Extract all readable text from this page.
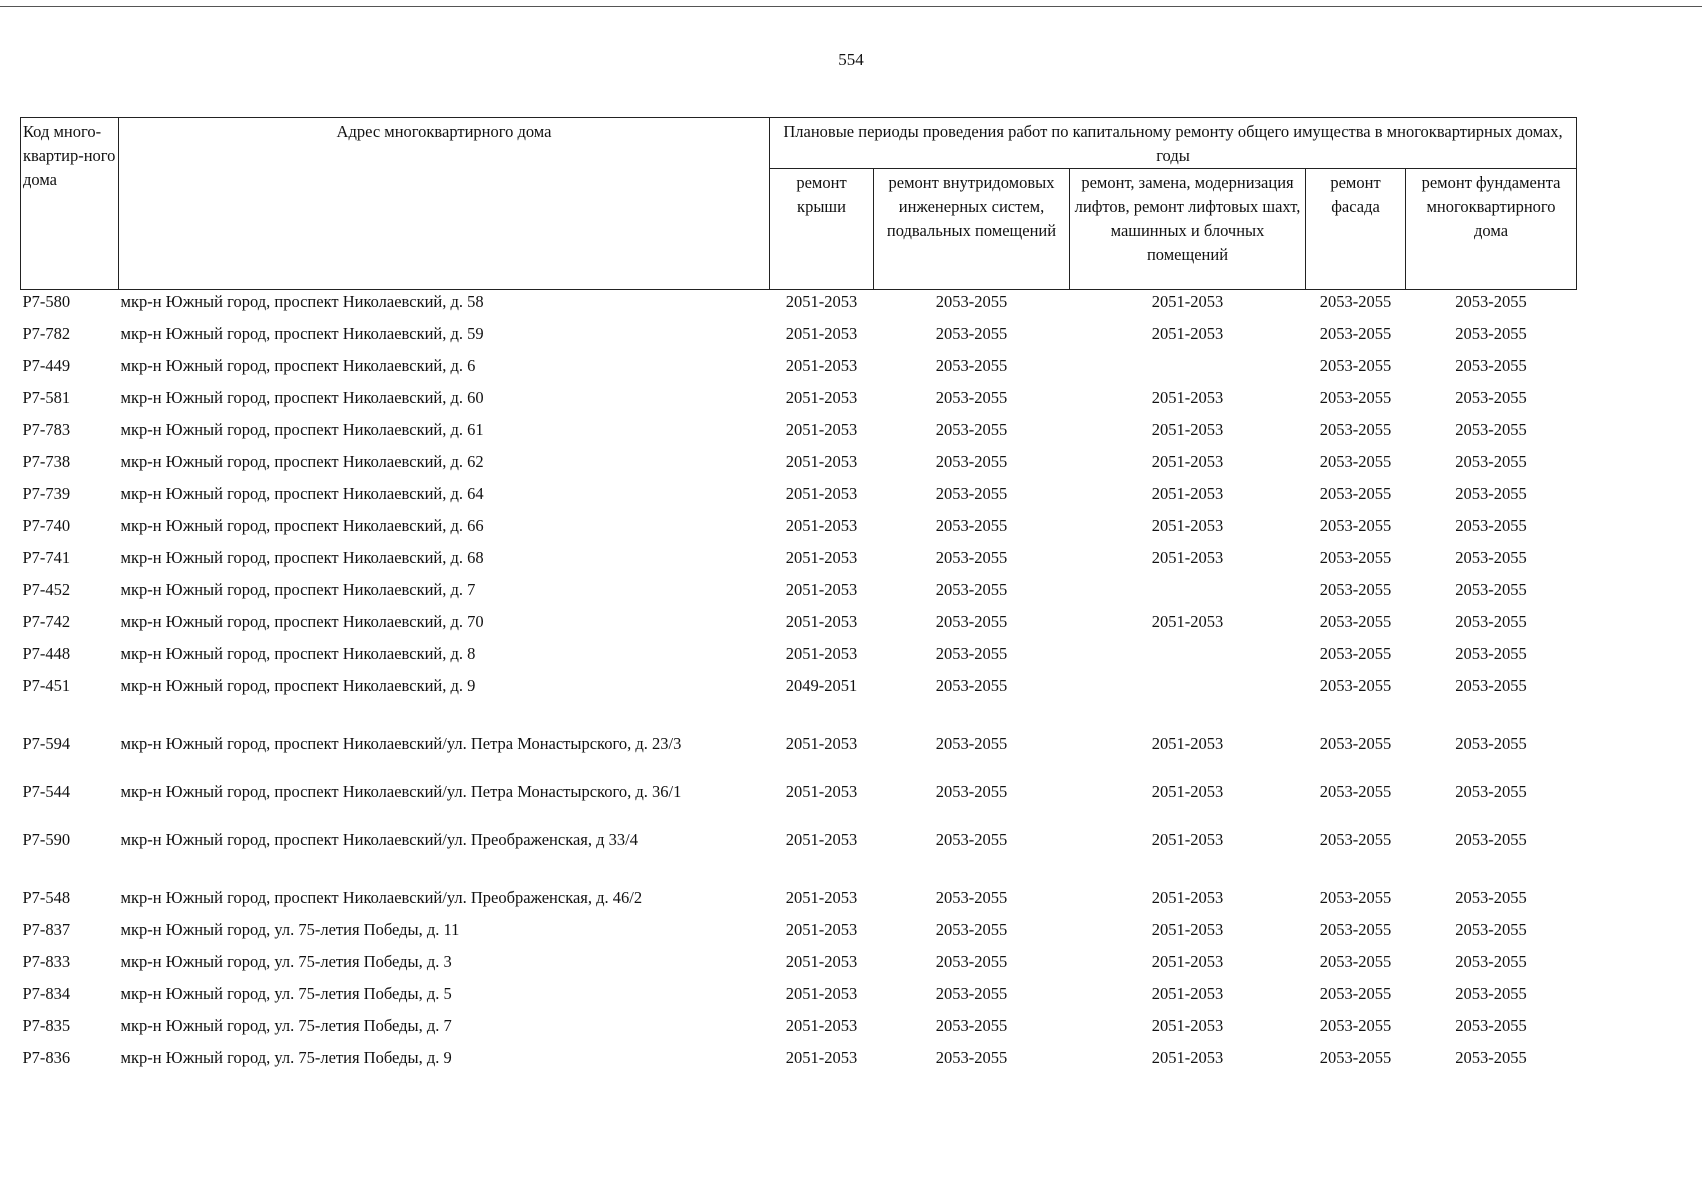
554
Код много-квартир-ного дома	Адрес многоквартирного дома	Плановые периоды проведения работ по капитальному ремонту общего имущества в многоквартирных домах, годы				
		ремонт крыши	ремонт внутридомовых инженерных систем, подвальных помещений	ремонт, замена, модернизация лифтов, ремонт лифтовых шахт, машинных и блочных помещений	ремонт фасада	ремонт фундамента многоквартирного дома
P7-580	мкр-н Южный город, проспект Николаевский, д. 58	2051-2053	2053-2055	2051-2053	2053-2055	2053-2055
P7-782	мкр-н Южный город, проспект Николаевский, д. 59	2051-2053	2053-2055	2051-2053	2053-2055	2053-2055
P7-449	мкр-н Южный город, проспект Николаевский, д. 6	2051-2053	2053-2055		2053-2055	2053-2055
P7-581	мкр-н Южный город, проспект Николаевский, д. 60	2051-2053	2053-2055	2051-2053	2053-2055	2053-2055
P7-783	мкр-н Южный город, проспект Николаевский, д. 61	2051-2053	2053-2055	2051-2053	2053-2055	2053-2055
P7-738	мкр-н Южный город, проспект Николаевский, д. 62	2051-2053	2053-2055	2051-2053	2053-2055	2053-2055
P7-739	мкр-н Южный город, проспект Николаевский, д. 64	2051-2053	2053-2055	2051-2053	2053-2055	2053-2055
P7-740	мкр-н Южный город, проспект Николаевский, д. 66	2051-2053	2053-2055	2051-2053	2053-2055	2053-2055
P7-741	мкр-н Южный город, проспект Николаевский, д. 68	2051-2053	2053-2055	2051-2053	2053-2055	2053-2055
P7-452	мкр-н Южный город, проспект Николаевский, д. 7	2051-2053	2053-2055		2053-2055	2053-2055
P7-742	мкр-н Южный город, проспект Николаевский, д. 70	2051-2053	2053-2055	2051-2053	2053-2055	2053-2055
P7-448	мкр-н Южный город, проспект Николаевский, д. 8	2051-2053	2053-2055		2053-2055	2053-2055
P7-451	мкр-н Южный город, проспект Николаевский, д. 9	2049-2051	2053-2055		2053-2055	2053-2055
P7-594	мкр-н Южный город, проспект Николаевский/ул. Петра Монастырского, д. 23/3	2051-2053	2053-2055	2051-2053	2053-2055	2053-2055
P7-544	мкр-н Южный город, проспект Николаевский/ул. Петра Монастырского, д. 36/1	2051-2053	2053-2055	2051-2053	2053-2055	2053-2055
P7-590	мкр-н Южный город, проспект Николаевский/ул. Преображенская, д 33/4	2051-2053	2053-2055	2051-2053	2053-2055	2053-2055
P7-548	мкр-н Южный город, проспект Николаевский/ул. Преображенская, д. 46/2	2051-2053	2053-2055	2051-2053	2053-2055	2053-2055
P7-837	мкр-н Южный город, ул. 75-летия Победы, д. 11	2051-2053	2053-2055	2051-2053	2053-2055	2053-2055
P7-833	мкр-н Южный город, ул. 75-летия Победы, д. 3	2051-2053	2053-2055	2051-2053	2053-2055	2053-2055
P7-834	мкр-н Южный город, ул. 75-летия Победы, д. 5	2051-2053	2053-2055	2051-2053	2053-2055	2053-2055
P7-835	мкр-н Южный город, ул. 75-летия Победы, д. 7	2051-2053	2053-2055	2051-2053	2053-2055	2053-2055
P7-836	мкр-н Южный город, ул. 75-летия Победы, д. 9	2051-2053	2053-2055	2051-2053	2053-2055	2053-2055
